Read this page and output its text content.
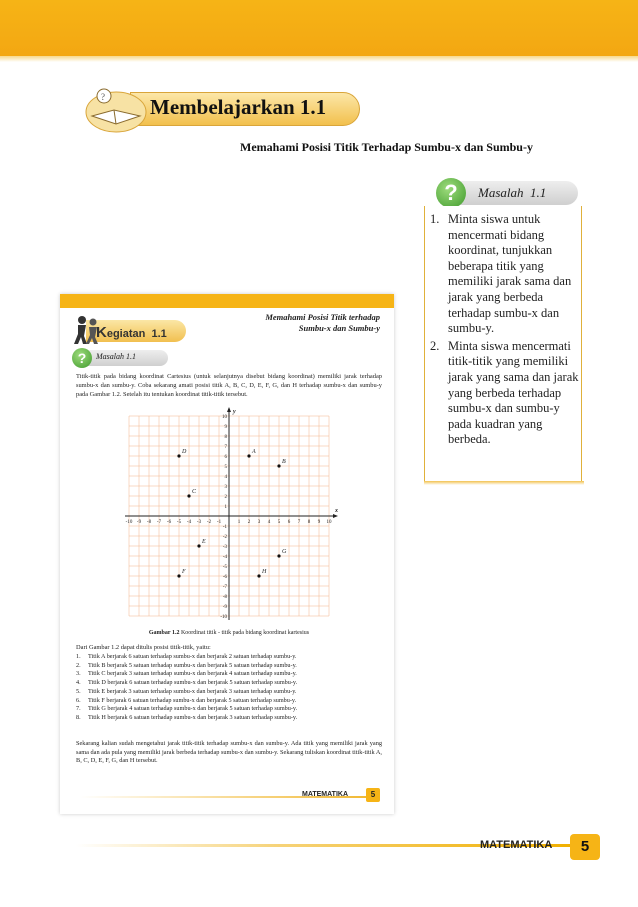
? Membelajarkan 1.1
Memahami Posisi Titik Terhadap Sumbu-x dan Sumbu-y
?	Masalah 1.1
1. Minta siswa untuk mencermati bidang koordinat, tunjukkan beberapa titik yang memiliki jarak sama dan jarak yang berbeda terhadap sumbu-x dan sumbu-y.
2. Minta siswa mencermati titik-titik yang memiliki jarak yang sama dan jarak yang berbeda terhadap sumbu-x dan sumbu-y pada kuadran yang berbeda.
Kegiatan 1.1
Memahami Posisi Titik terhadap
Sumbu-x dan Sumbu-y
?	Masalah 1.1
Titik-titik pada bidang koordinat Cartesius (untuk selanjutnya disebut bidang koordinat) memiliki jarak terhadap sumbu-x dan sumbu-y. Coba sekarang amati posisi titik A, B, C, D, E, F, G, dan H terhadap sumbu-x dan sumbu-y pada Gambar 1.2. Setelah itu tentukan koordinat titik-titik tersebut.
x
y
-10 -9 -8 -7 -6 -5 -4 -3 -2 -1	1 2 3 4 5 6 7 8 9 10
-10
-9
-8
-7
-6
-5
-4
-3
-2
-1
1
2
3
4
5
6
7
8
9
10
A
B
C
D
E
F
G
H
Gambar 1.2 Koordinat titik - titik pada bidang koordinat kartesius
Dari Gambar 1.2 dapat ditulis posisi titik-titik, yaitu:
1. Titik A berjarak 6 satuan terhadap sumbu-x dan berjarak 2 satuan terhadap sumbu-y.
2. Titik B berjarak 5 satuan terhadap sumbu-x dan berjarak 5 satuan terhadap sumbu-y.
3. Titik C berjarak 3 satuan terhadap sumbu-x dan berjarak 4 satuan terhadap sumbu-y.
4. Titik D berjarak 6 satuan terhadap sumbu-x dan berjarak 5 satuan terhadap sumbu-y.
5. Titik E berjarak 3 satuan terhadap sumbu-x dan berjarak 3 satuan terhadap sumbu-y.
6. Titik F berjarak 6 satuan terhadap sumbu-x dan berjarak 5 satuan terhadap sumbu-y.
7. Titik G berjarak 4 satuan terhadap sumbu-x dan berjarak 5 satuan terhadap sumbu-y.
8. Titik H berjarak 6 satuan terhadap sumbu-x dan berjarak 3 satuan terhadap sumbu-y.
Sekarang kalian sudah mengetahui jarak titik-titik terhadap sumbu-x dan sumbu-y. Ada titik yang memiliki jarak yang sama dan ada pula yang memiliki jarak berbeda terhadap sumbu-x dan sumbu-y. Sekarang tuliskan koordinat titik-titik A, B, C, D, E, F, G, dan H tersebut.
MATEMATIKA	5
MATEMATIKA	5
